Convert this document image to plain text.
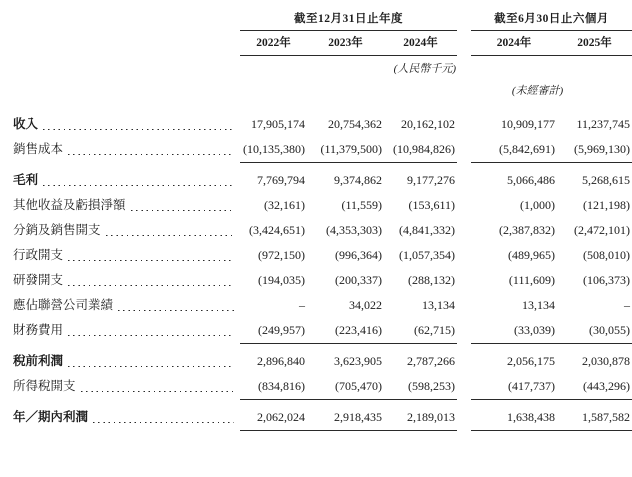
截至12月31日止年度	截至6月30日止六個月
2022年	2023年	2024年	2024年	2025年
(人民幣千元)
(未經審計)
收入	17,905,174	20,754,362	20,162,102	10,909,177	11,237,745
銷售成本	(10,135,380)	(11,379,500) (10,984,826)	(5,842,691)	(5,969,130)
毛利	7,769,794	9,374,862	9,177,276	5,066,486	5,268,615
其他收益及虧損淨額	(32,161)	(11,559)	(153,611)	(1,000)	(121,198)
分銷及銷售開支	(3,424,651)	(4,353,303)	(4,841,332)	(2,387,832)	(2,472,101)
行政開支	(972,150)	(996,364)	(1,057,354)	(489,965)	(508,010)
研發開支	(194,035)	(200,337)	(288,132)	(111,609)	(106,373)
應佔聯營公司業績	–	34,022	13,134	13,134	–
財務費用	(249,957)	(223,416)	(62,715)	(33,039)	(30,055)
稅前利潤	2,896,840	3,623,905	2,787,266	2,056,175	2,030,878
所得稅開支	(834,816)	(705,470)	(598,253)	(417,737)	(443,296)
年／期內利潤	2,062,024	2,918,435	2,189,013	1,638,438	1,587,582
